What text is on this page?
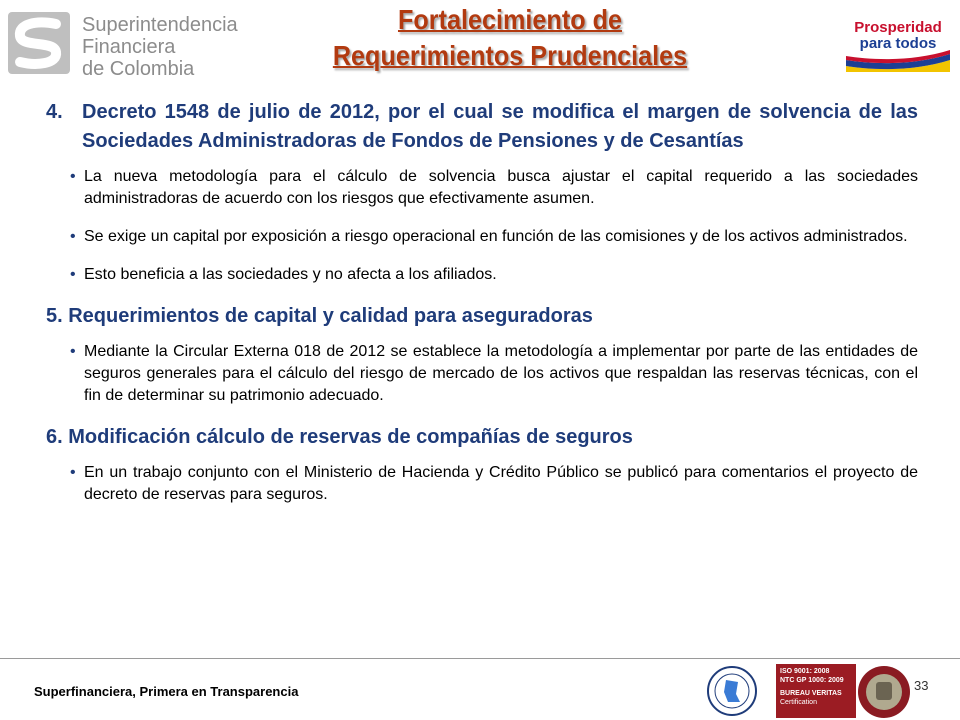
Superintendencia
Financiera
de Colombia
Fortalecimiento de
Requerimientos Prudenciales
Prosperidad
para todos
4. Decreto 1548 de julio de 2012, por el cual se modifica el margen de solvencia de las Sociedades Administradoras de Fondos de Pensiones y de Cesantías
• La nueva metodología para el cálculo de solvencia busca ajustar el capital requerido a las sociedades administradoras de acuerdo con los riesgos que efectivamente asumen.
• Se exige un capital por exposición a riesgo operacional en función de las comisiones y de los activos administrados.
• Esto beneficia a las sociedades y no afecta a los afiliados.
5. Requerimientos de capital y calidad para aseguradoras
• Mediante la Circular Externa 018 de 2012 se establece la metodología a implementar por parte de las entidades de seguros generales para el cálculo del riesgo de mercado de los activos que respaldan las reservas técnicas, con el fin de determinar su patrimonio adecuado.
6. Modificación cálculo de reservas de compañías de seguros
• En un trabajo conjunto con el Ministerio de Hacienda y Crédito Público se publicó para comentarios el proyecto de decreto de reservas para seguros.
Superfinanciera, Primera en Transparencia
ISO 9001: 2008
NTC GP 1000: 2009
BUREAU VERITAS
Certification
33
